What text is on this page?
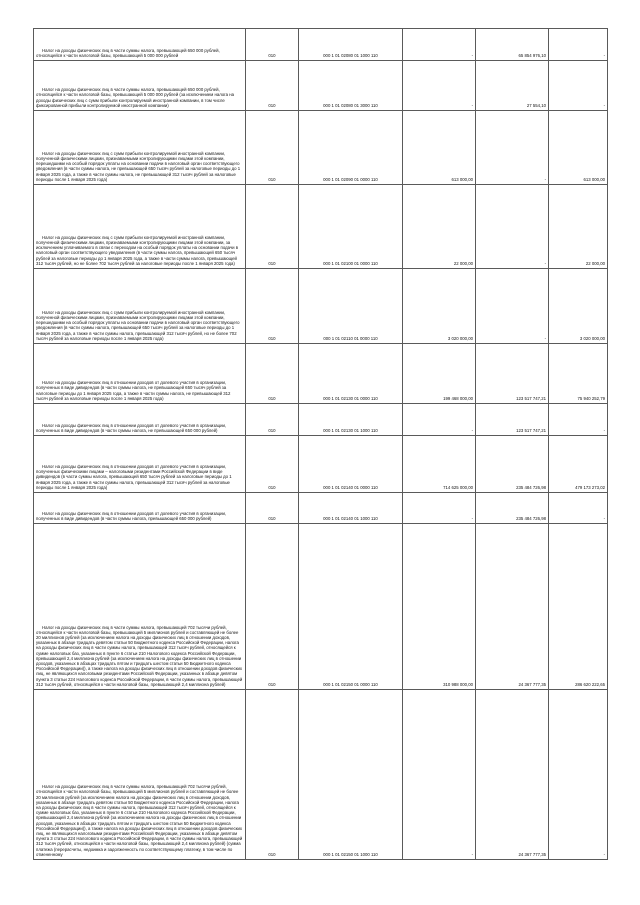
Налог на доходы физических лиц в части суммы налога, превышающей 650 000 рублей, относящейся к части налоговой базы, превышающей 5 000 000 рублей	010	000 1 01 02080 01 1000 110	-	65 854 976,10	-
Налог на доходы физических лиц в части суммы налога, превышающей 650 000 рублей, относящейся к части налоговой базы, превышающей 5 000 000 рублей (за исключением налога на доходы физических лиц с сумм прибыли контролируемой иностранной компании, в том числе фиксированной прибыли контролируемой иностранной компании)	010	000 1 01 02080 01 3000 110	-	27 554,10	-
Налог на доходы физических лиц с сумм прибыли контролируемой иностранной компании, полученной физическими лицами, признаваемыми контролирующими лицами этой компании, перешедшими на особый порядок уплаты на основании подачи в налоговый орган соответствующего уведомления (в части суммы налога, не превышающей 650 тысяч рублей за налоговые периоды до 1 января 2025 года, а также в части суммы налога, не превышающей 312 тысяч рублей за налоговые периоды после 1 января 2025 года)	010	000 1 01 02090 01 0000 110	613 000,00	-	613 000,00
Налог на доходы физических лиц с сумм прибыли контролируемой иностранной компании, полученной физическими лицами, признаваемыми контролирующими лицами этой компании, за исключением уплачиваемого в связи с переходом на особый порядок уплаты на основании подачи в налоговый орган соответствующего уведомления (в части суммы налога, превышающей 650 тысяч рублей за налоговые периоды до 1 января 2025 года, а также в части суммы налога, превышающей 312 тысяч рублей, но не более 702 тысяч рублей за налоговые периоды после 1 января 2025 года)	010	000 1 01 02100 01 0000 110	22 000,00	-	22 000,00
Налог на доходы физических лиц с сумм прибыли контролируемой иностранной компании, полученной физическими лицами, признаваемыми контролирующими лицами этой компании, перешедшими на особый порядок уплаты на основании подачи в налоговый орган соответствующего уведомления (в части суммы налога, превышающей 650 тысяч рублей за налоговые периоды до 1 января 2025 года, а также в части суммы налога, превышающей 312 тысяч рублей, но не более 702 тысяч рублей за налоговые периоды после 1 января 2025 года)	010	000 1 01 02110 01 0000 110	3 020 000,00	-	3 020 000,00
Налог на доходы физических лиц в отношении доходов от долевого участия в организации, полученных в виде дивидендов (в части суммы налога, не превышающей 650 тысяч рублей за налоговые периоды до 1 января 2025 года, а также в части суммы налога, не превышающей 312 тысяч рублей за налоговые периоды после 1 января 2025 года)	010	000 1 01 02130 01 0000 110	199 468 000,00	123 517 747,21	75 940 252,79
Налог на доходы физических лиц в отношении доходов от долевого участия в организации, полученных в виде дивидендов (в части суммы налога, не превышающей 650 000 рублей)	010	000 1 01 02130 01 1000 110	-	123 517 747,21	-
Налог на доходы физических лиц в отношении доходов от долевого участия в организации, полученных физическими лицами – налоговыми резидентами Российской Федерации в виде дивидендов (в части суммы налога, превышающей 650 тысяч рублей за налоговые периоды до 1 января 2025 года, а также в части суммы налога, превышающей 312 тысяч рублей за налоговые периоды после 1 января 2025 года)	010	000 1 01 02140 01 0000 110	714 625 000,00	235 484 726,98	479 173 273,02
Налог на доходы физических лиц в отношении доходов от долевого участия в организации, полученных в виде дивидендов (в части суммы налога, превышающей 650 000 рублей)	010	000 1 01 02140 01 1000 110	-	235 484 726,98	-
Налог на доходы физических лиц в части суммы налога, превышающей 702 тысячи рублей, относящейся к части налоговой базы, превышающей 5 миллионов рублей и составляющей не более 20 миллионов рублей (за исключением налога на доходы физических лиц в отношении доходов, указанных в абзаце тридцать девятом статьи 50 Бюджетного кодекса Российской Федерации, налога на доходы физических лиц в части суммы налога, превышающей 312 тысяч рублей, относящейся к сумме налоговых баз, указанных в пункте 6 статьи 210 Налогового кодекса Российской Федерации, превышающей 2,4 миллиона рублей (за исключением налога на доходы физических лиц в отношении доходов, указанных в абзацах тридцать пятом и тридцать шестом статьи 50 Бюджетного кодекса Российской Федерации)), а также налога на доходы физических лиц в отношении доходов физических лиц, не являющихся налоговыми резидентами Российской Федерации, указанных в абзаце девятом пункта 3 статьи 224 Налогового кодекса Российской Федерации, в части суммы налога, превышающей 312 тысяч рублей, относящейся к части налоговой базы, превышающей 2,4 миллиона рублей)	010	000 1 01 02150 01 0000 110	310 988 000,00	24 367 777,35	286 620 222,65
Налог на доходы физических лиц в части суммы налога, превышающей 702 тысячи рублей, относящейся к части налоговой базы, превышающей 5 миллионов рублей и составляющей не более 20 миллионов рублей (за исключением налога на доходы физических лиц в отношении доходов, указанных в абзаце тридцать девятом статьи 50 Бюджетного кодекса Российской Федерации, налога на доходы физических лиц в части суммы налога, превышающей 312 тысяч рублей, относящейся к сумме налоговых баз, указанных в пункте 6 статьи 210 Налогового кодекса Российской Федерации, превышающей 2,4 миллиона рублей (за исключением налога на доходы физических лиц в отношении доходов, указанных в абзацах тридцать пятом и тридцать шестом статьи 50 Бюджетного кодекса Российской Федерации)), а также налога на доходы физических лиц в отношении доходов физических лиц, не являющихся налоговыми резидентами Российской Федерации, указанных в абзаце девятом пункта 3 статьи 224 Налогового кодекса Российской Федерации, в части суммы налога, превышающей 312 тысяч рублей, относящейся к части налоговой базы, превышающей 2,4 миллиона рублей) (сумма платежа (перерасчеты, недоимка и задолженность по соответствующему платежу, в том числе по отмененному	010	000 1 01 02150 01 1000 110	-	24 367 777,35	-
